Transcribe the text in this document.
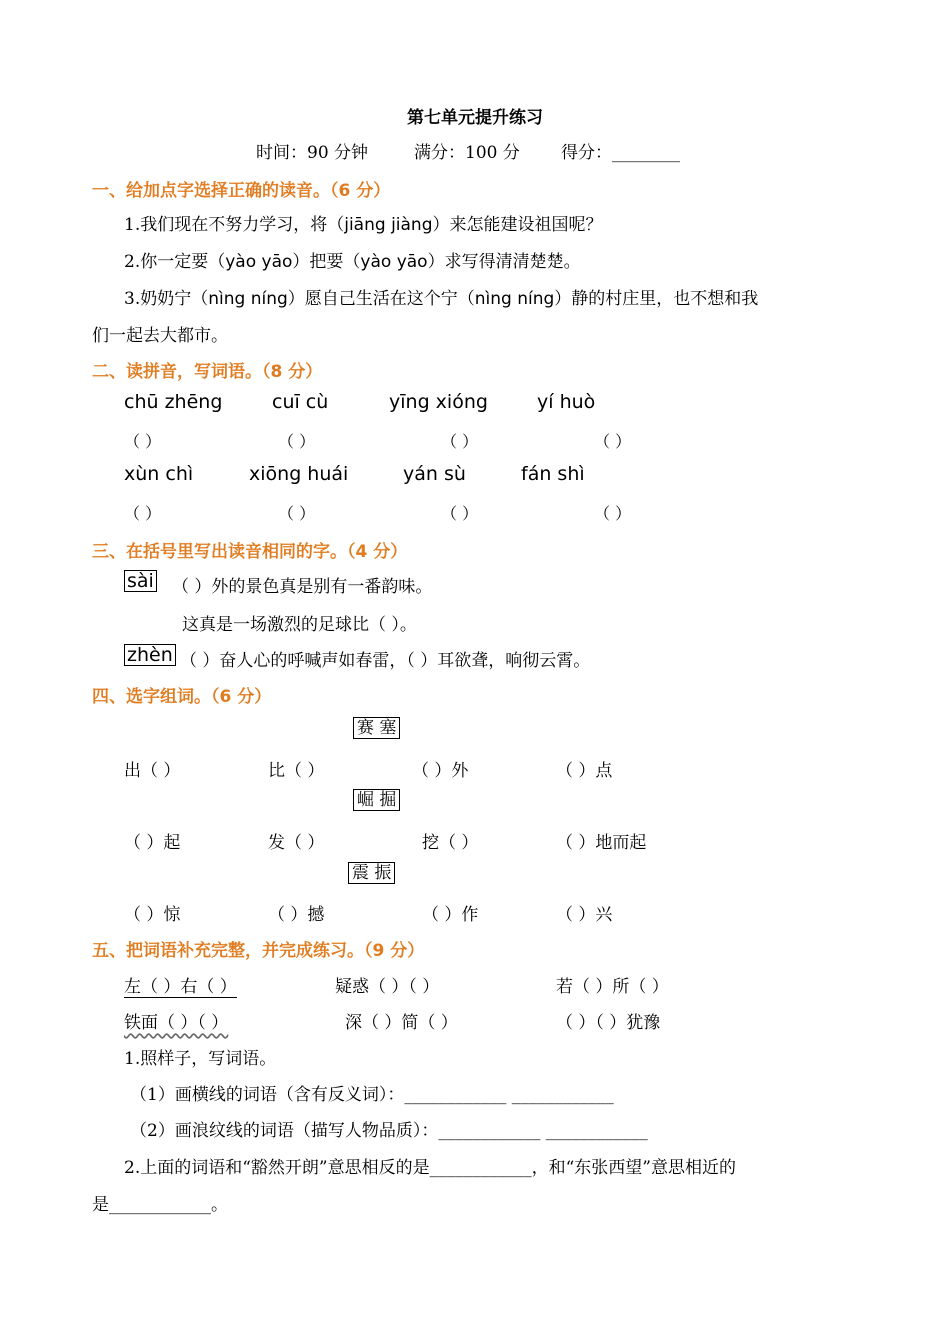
第七单元提升练习
时间：90 分钟	满分：100 分 得分：________
一、给加点字选择正确的读音。（6 分）
1.我们现在不努力学习，将（jiāng jiàng）来怎能建设祖国呢？
2.你一定要（yào yāo）把要（yào yāo）求写得清清楚楚。
3.奶奶宁（nìng níng）愿自己生活在这个宁（nìng níng）静的村庄里，也不想和我
们一起去大都市。
二、读拼音，写词语。（8 分）
chū zhēng	cuī cù	yīng xióng	yí huò
（ ）	（ ）	（ ）	（ ）
xùn chì	xiōng huái	yán sù	fán shì
（ ）	（ ）	（ ）	（ ）
三、在括号里写出读音相同的字。（4 分）
sài （ ）外的景色真是别有一番韵味。
这真是一场激烈的足球比（ ）。
zhèn （ ）奋人心的呼喊声如春雷，（ ）耳欲聋，响彻云霄。
四、选字组词。（6 分）
赛 塞
出（ ）	比（ ）	（ ）外	（ ）点
崛 掘
（ ）起	发（ ）	挖（ ）	（ ）地而起
震 振
（ ）惊	（ ）撼	（ ）作	（ ）兴
五、把词语补充完整，并完成练习。（9 分）
左（ ）右（ ）	疑惑（ ）（ ）	若（ ）所（ ）
铁面（ ）（ ）	深（ ）简（ ）	（ ）（ ）犹豫
1.照样子，写词语。
（1）画横线的词语（含有反义词）：____________ ____________
（2）画浪纹线的词语（描写人物品质）：____________ ____________
2.上面的词语和“豁然开朗”意思相反的是____________，和“东张西望”意思相近的
是____________。
